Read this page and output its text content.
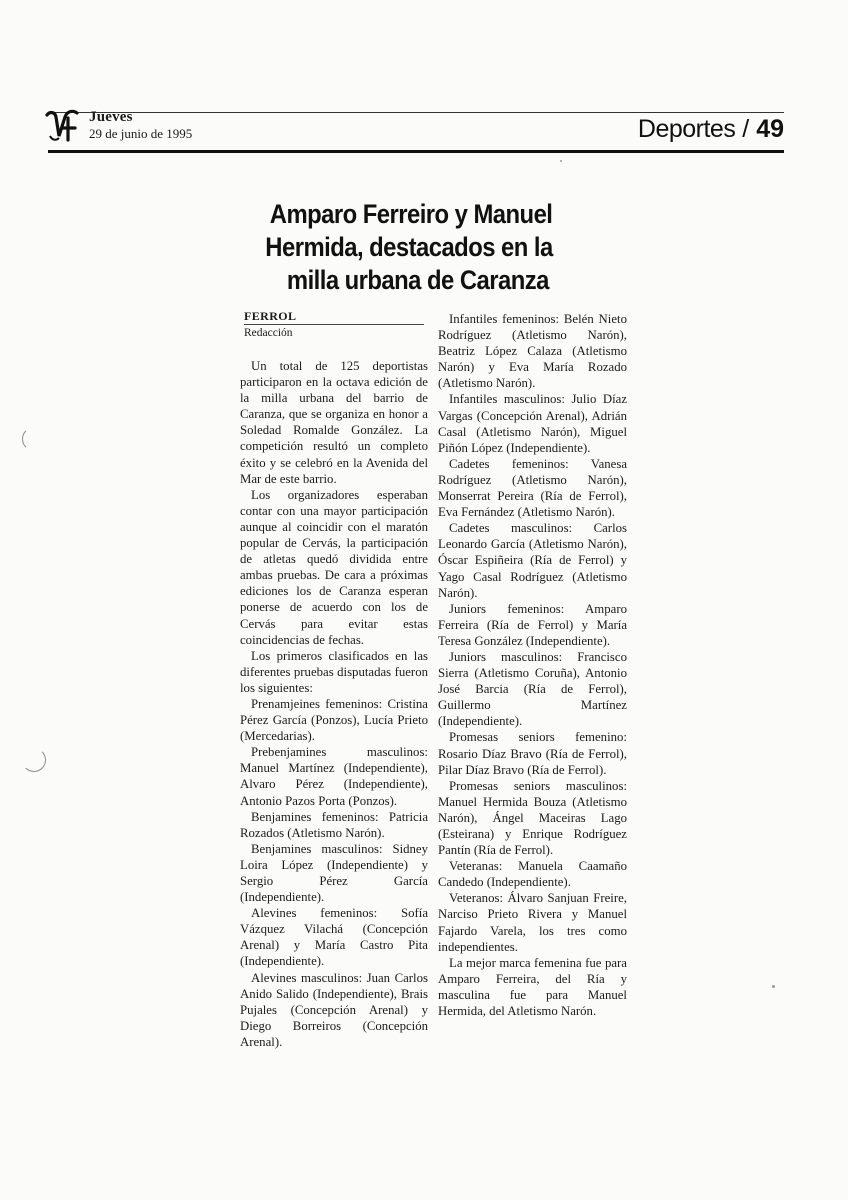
Jueves
29 de junio de 1995	Deportes / 49
Amparo Ferreiro y Manuel
Hermida, destacados en la
milla urbana de Caranza
FERROL
Redacción

Un total de 125 deportistas participaron en la octava edición de la milla urbana del barrio de Caranza, que se organiza en honor a Soledad Romalde González. La competición resultó un completo éxito y se celebró en la Avenida del Mar de este barrio.

Los organizadores esperaban contar con una mayor participación aunque al coincidir con el maratón popular de Cervás, la participación de atletas quedó dividida entre ambas pruebas. De cara a próximas ediciones los de Caranza esperan ponerse de acuerdo con los de Cervás para evitar estas coincidencias de fechas.

Los primeros clasificados en las diferentes pruebas disputadas fueron los siguientes:

Prenamjeines femeninos: Cristina Pérez García (Ponzos), Lucía Prieto (Mercedarias).

Prebenjamines masculinos: Manuel Martínez (Independiente), Alvaro Pérez (Independiente), Antonio Pazos Porta (Ponzos).

Benjamines femeninos: Patricia Rozados (Atletismo Narón).

Benjamines masculinos: Sidney Loira López (Independiente) y Sergio Pérez García (Independiente).

Alevines femeninos: Sofía Vázquez Vilachá (Concepción Arenal) y María Castro Pita (Independiente).

Alevines masculinos: Juan Carlos Anido Salido (Independiente), Brais Pujales (Concepción Arenal) y Diego Borreiros (Concepción Arenal).

Infantiles femeninos: Belén Nieto Rodríguez (Atletismo Narón), Beatriz López Calaza (Atletismo Narón) y Eva María Rozado (Atletismo Narón).

Infantiles masculinos: Julio Díaz Vargas (Concepción Arenal), Adrián Casal (Atletismo Narón), Miguel Piñón López (Independiente).

Cadetes femeninos: Vanesa Rodríguez (Atletismo Narón), Monserrat Pereira (Ría de Ferrol), Eva Fernández (Atletismo Narón).

Cadetes masculinos: Carlos Leonardo García (Atletismo Narón), Óscar Espiñeira (Ría de Ferrol) y Yago Casal Rodríguez (Atletismo Narón).

Juniors femeninos: Amparo Ferreira (Ría de Ferrol) y María Teresa González (Independiente).

Juniors masculinos: Francisco Sierra (Atletismo Coruña), Antonio José Barcia (Ría de Ferrol), Guillermo Martínez (Independiente).

Promesas seniors femenino: Rosario Díaz Bravo (Ría de Ferrol), Pilar Díaz Bravo (Ría de Ferrol).

Promesas seniors masculinos: Manuel Hermida Bouza (Atletismo Narón), Ángel Maceiras Lago (Esteirana) y Enrique Rodríguez Pantín (Ría de Ferrol).

Veteranas: Manuela Caamaño Candedo (Independiente).

Veteranos: Álvaro Sanjuan Freire, Narciso Prieto Rivera y Manuel Fajardo Varela, los tres como independientes.

La mejor marca femenina fue para Amparo Ferreira, del Ría y masculina fue para Manuel Hermida, del Atletismo Narón.
